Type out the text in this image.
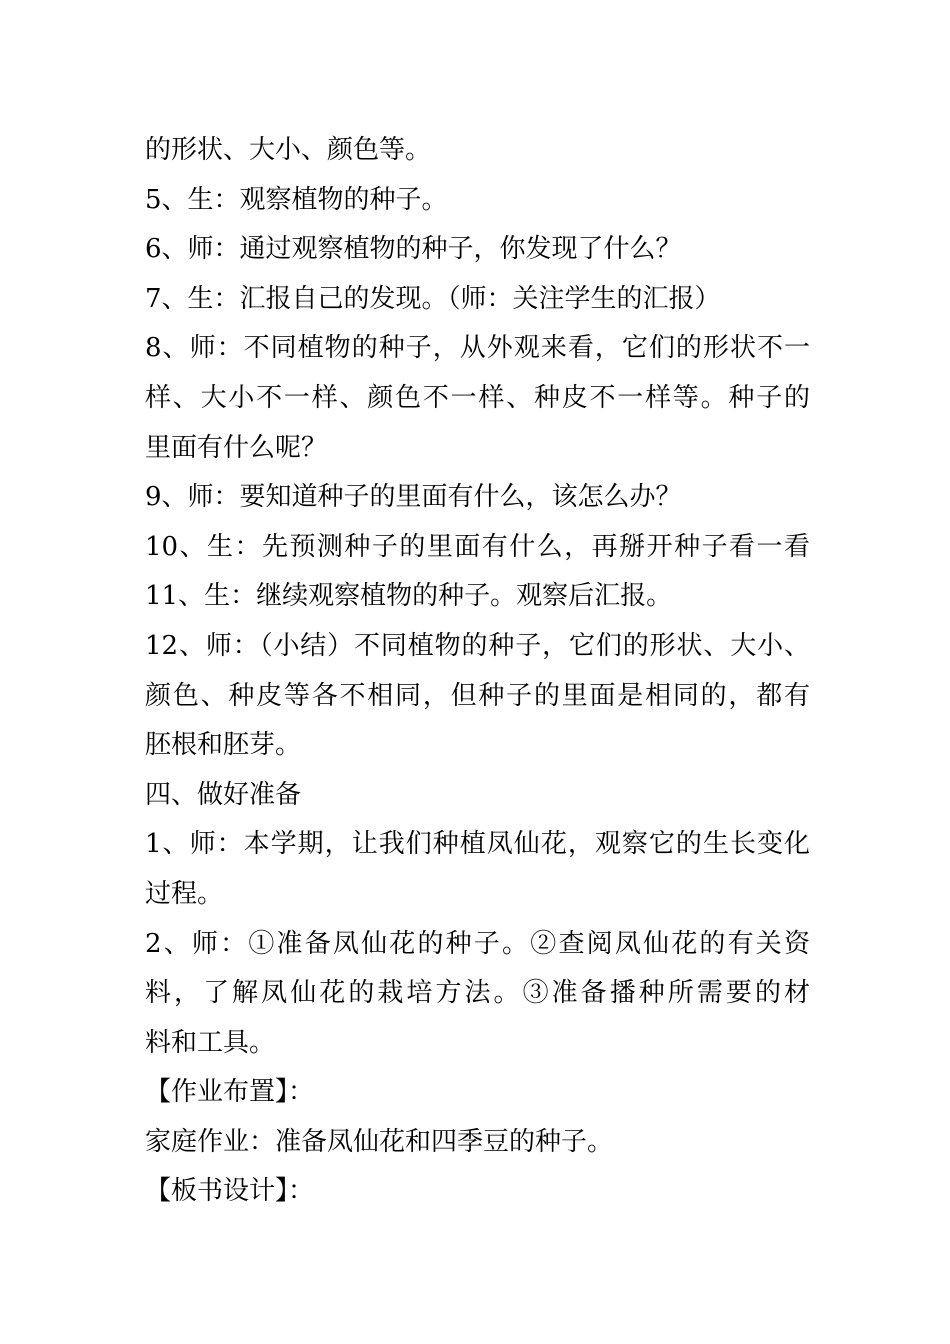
的形状、大小、颜色等。
5、生：观察植物的种子。
6、师：通过观察植物的种子，你发现了什么？
7、生：汇报自己的发现。（师：关注学生的汇报）
8、师：不同植物的种子，从外观来看，它们的形状不一
样、大小不一样、颜色不一样、种皮不一样等。种子的
里面有什么呢？
9、师：要知道种子的里面有什么，该怎么办？
10、生：先预测种子的里面有什么，再掰开种子看一看
11、生：继续观察植物的种子。观察后汇报。
12、师：（小结）不同植物的种子，它们的形状、大小、
颜色、种皮等各不相同，但种子的里面是相同的，都有
胚根和胚芽。
四、做好准备
1、师：本学期，让我们种植凤仙花，观察它的生长变化
过程。
2、师：①准备凤仙花的种子。②查阅凤仙花的有关资
料，了解凤仙花的栽培方法。③准备播种所需要的材
料和工具。
【作业布置】：
家庭作业：准备凤仙花和四季豆的种子。
【板书设计】：
